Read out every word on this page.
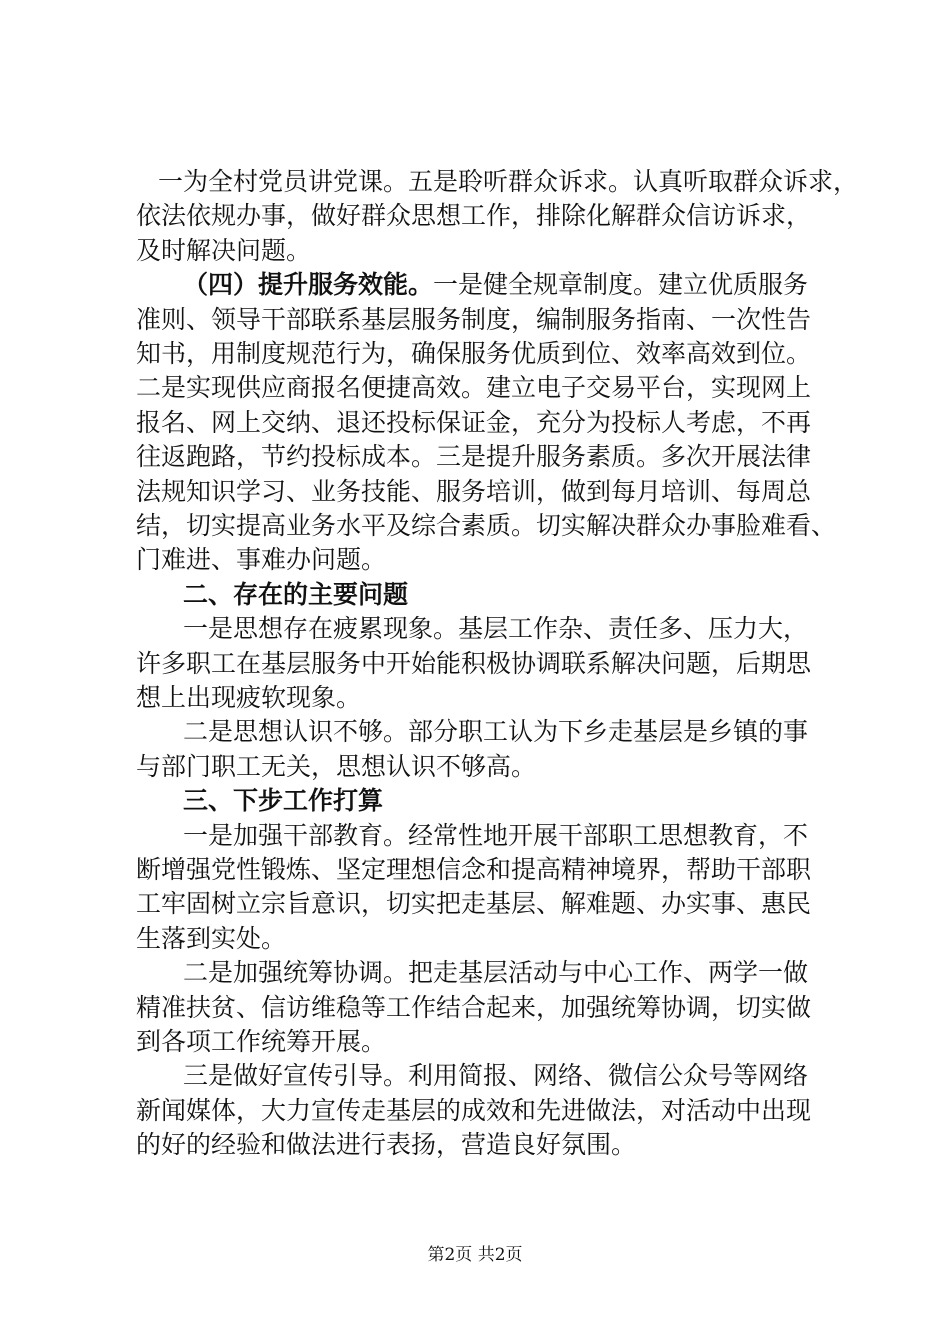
一为全村党员讲党课。五是聆听群众诉求。认真听取群众诉求，
依法依规办事，做好群众思想工作，排除化解群众信访诉求，
及时解决问题。
（四）提升服务效能。一是健全规章制度。建立优质服务
准则、领导干部联系基层服务制度，编制服务指南、一次性告
知书，用制度规范行为，确保服务优质到位、效率高效到位。
二是实现供应商报名便捷高效。建立电子交易平台，实现网上
报名、网上交纳、退还投标保证金，充分为投标人考虑，不再
往返跑路，节约投标成本。三是提升服务素质。多次开展法律
法规知识学习、业务技能、服务培训，做到每月培训、每周总
结，切实提高业务水平及综合素质。切实解决群众办事脸难看、
门难进、事难办问题。
二、存在的主要问题
一是思想存在疲累现象。基层工作杂、责任多、压力大，
许多职工在基层服务中开始能积极协调联系解决问题，后期思
想上出现疲软现象。
二是思想认识不够。部分职工认为下乡走基层是乡镇的事
与部门职工无关，思想认识不够高。
三、下步工作打算
一是加强干部教育。经常性地开展干部职工思想教育，不
断增强党性锻炼、坚定理想信念和提高精神境界，帮助干部职
工牢固树立宗旨意识，切实把走基层、解难题、办实事、惠民
生落到实处。
二是加强统筹协调。把走基层活动与中心工作、两学一做
精准扶贫、信访维稳等工作结合起来，加强统筹协调，切实做
到各项工作统筹开展。
三是做好宣传引导。利用简报、网络、微信公众号等网络
新闻媒体，大力宣传走基层的成效和先进做法，对活动中出现
的好的经验和做法进行表扬，营造良好氛围。
第2页 共2页
